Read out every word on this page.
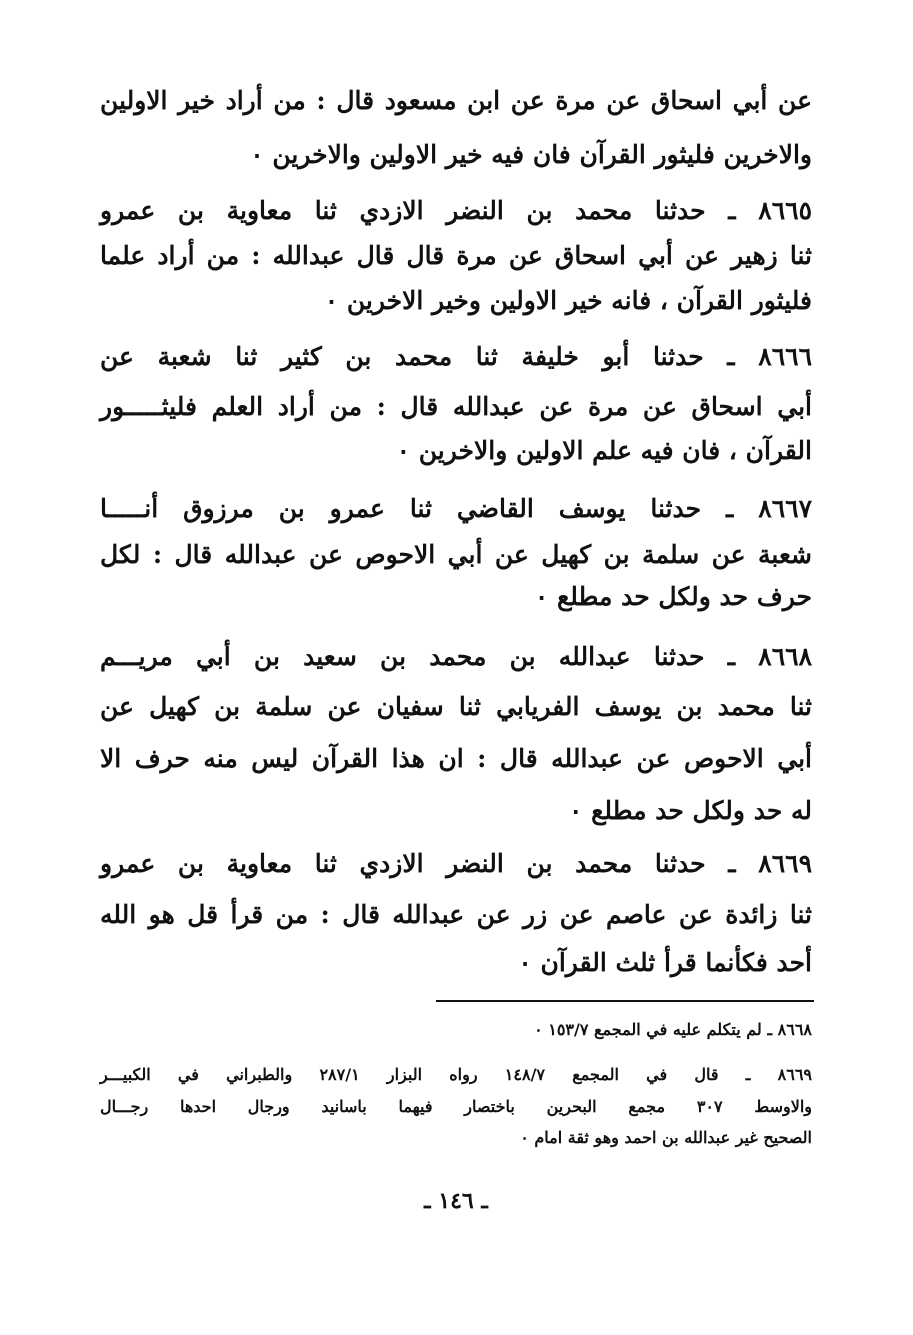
عن أبي اسحاق عن مرة عن ابن مسعود قال : من أراد خير الاولين
والاخرين فليثور القرآن فان فيه خير الاولين والاخرين ٠
٨٦٦٥ ـ حدثنا محمد بن النضر الازدي ثنا معاوية بن عمرو
ثنا زهير عن أبي اسحاق عن مرة قال قال عبدالله : من أراد علما
فليثور القرآن ، فانه خير الاولين وخير الاخرين ٠
٨٦٦٦ ـ حدثنا أبو خليفة ثنا محمد بن كثير ثنا شعبة عن
أبي اسحاق عن مرة عن عبدالله قال : من أراد العلم فليثـــــور
القرآن ، فان فيه علم الاولين والاخرين ٠
٨٦٦٧ ـ حدثنا يوسف القاضي ثنا عمرو بن مرزوق أنـــــا
شعبة عن سلمة بن كهيل عن أبي الاحوص عن عبدالله قال : لكل
حرف حد ولكل حد مطلع ٠
٨٦٦٨ ـ حدثنا عبدالله بن محمد بن سعيد بن أبي مريـــم
ثنا محمد بن يوسف الفريابي ثنا سفيان عن سلمة بن كهيل عن
أبي الاحوص عن عبدالله قال : ان هذا القرآن ليس منه حرف الا
له حد ولكل حد مطلع ٠
٨٦٦٩ ـ حدثنا محمد بن النضر الازدي ثنا معاوية بن عمرو
ثنا زائدة عن عاصم عن زر عن عبدالله قال : من قرأ قل هو الله
أحد فكأنما قرأ ثلث القرآن ٠
٨٦٦٨ ـ لم يتكلم عليه في المجمع ١٥٣/٧ ٠
٨٦٦٩ ـ قال في المجمع ١٤٨/٧ رواه البزار ٢٨٧/١ والطبراني في الكبيـــر
والاوسط ٣٠٧ مجمع البحرين باختصار فيهما باسانيد ورجال احدها رجـــال
الصحيح غير عبدالله بن احمد وهو ثقة امام ٠
ـ ١٤٦ ـ
